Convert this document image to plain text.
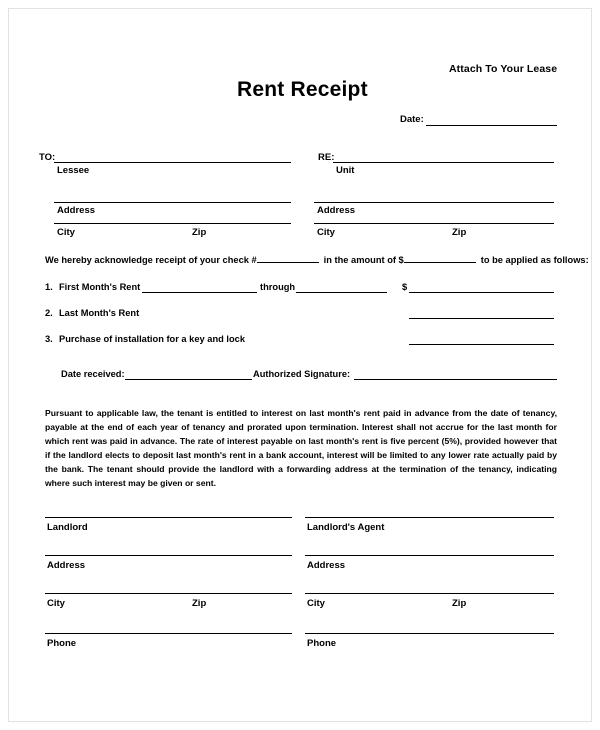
Attach To Your Lease
Rent Receipt
Date:
TO:
Lessee
Address
City	Zip
RE:
Unit
Address
City	Zip
We hereby acknowledge receipt of your check #	in the amount of $	to be applied as follows:
1. First Month's Rent	through	$
2. Last Month's Rent
3. Purchase of installation for a key and lock
Date received:	Authorized Signature:
Pursuant to applicable law, the tenant is entitled to interest on last month's rent paid in advance from the date of tenancy, payable at the end of each year of tenancy and prorated upon termination. Interest shall not accrue for the last month for which rent was paid in advance. The rate of interest payable on last month's rent is five percent (5%), provided however that if the landlord elects to deposit last month's rent in a bank account, interest will be limited to any lower rate actually paid by the bank. The tenant should provide the landlord with a forwarding address at the termination of the tenancy, indicating where such interest may be given or sent.
Landlord
Address
City	Zip
Phone
Landlord's Agent
Address
City	Zip
Phone
